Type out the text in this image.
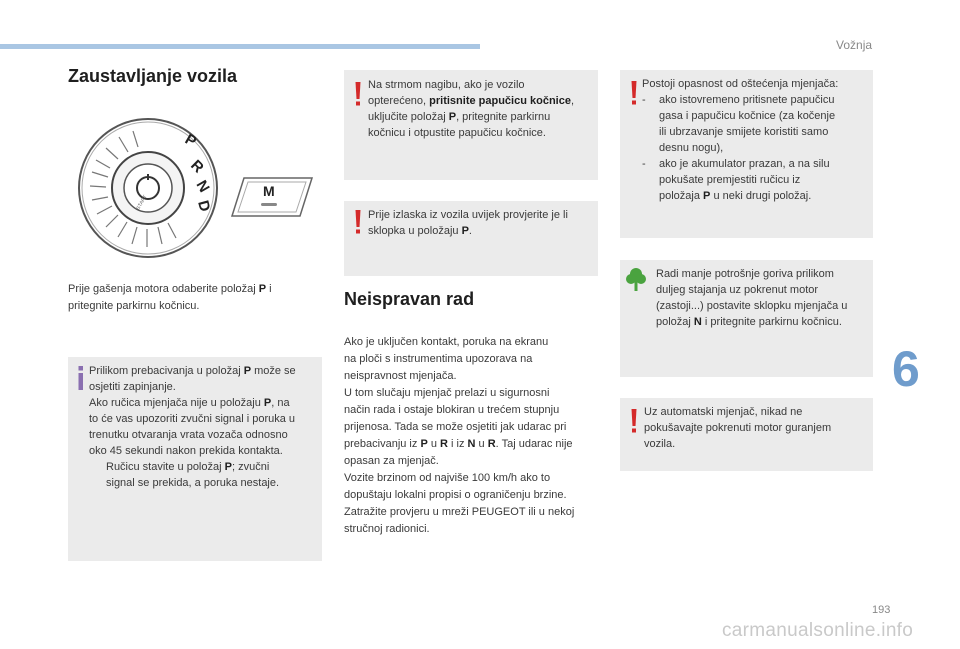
Vožnja
6
193
carmanualsonline.info
Zaustavljanje vozila
START
P
R
N
D
M
Prije gašenja motora odaberite položaj P i
pritegnite parkirnu kočnicu.
Prilikom prebacivanja u položaj P može se
osjetiti zapinjanje.
Ako ručica mjenjača nije u položaju P, na
to će vas upozoriti zvučni signal i poruka u
trenutku otvaranja vrata vozača odnosno
oko 45 sekundi nakon prekida kontakta.
Ručicu stavite u položaj P; zvučni
signal se prekida, a poruka nestaje.
Na strmom nagibu, ako je vozilo
opterećeno, pritisnite papučicu kočnice,
uključite položaj P, pritegnite parkirnu
kočnicu i otpustite papučicu kočnice.
Prije izlaska iz vozila uvijek provjerite je li
sklopka u položaju P.
Neispravan rad
Ako je uključen kontakt, poruka na ekranu
na ploči s instrumentima upozorava na
neispravnost mjenjača.
U tom slučaju mjenjač prelazi u sigurnosni
način rada i ostaje blokiran u trećem stupnju
prijenosa. Tada se može osjetiti jak udarac pri
prebacivanju iz P u R i iz N u R. Taj udarac nije
opasan za mjenjač.
Vozite brzinom od najviše 100 km/h ako to
dopuštaju lokalni propisi o ograničenju brzine.
Zatražite provjeru u mreži PEUGEOT ili u nekoj
stručnoj radionici.
Postoji opasnost od oštećenja mjenjača:
- ako istovremeno pritisnete papučicu
gasa i papučicu kočnice (za kočenje
ili ubrzavanje smijete koristiti samo
desnu nogu),
- ako je akumulator prazan, a na silu
pokušate premjestiti ručicu iz
položaja P u neki drugi položaj.
Radi manje potrošnje goriva prilikom
duljeg stajanja uz pokrenut motor
(zastoji...) postavite sklopku mjenjača u
položaj N i pritegnite parkirnu kočnicu.
Uz automatski mjenjač, nikad ne
pokušavajte pokrenuti motor guranjem
vozila.
